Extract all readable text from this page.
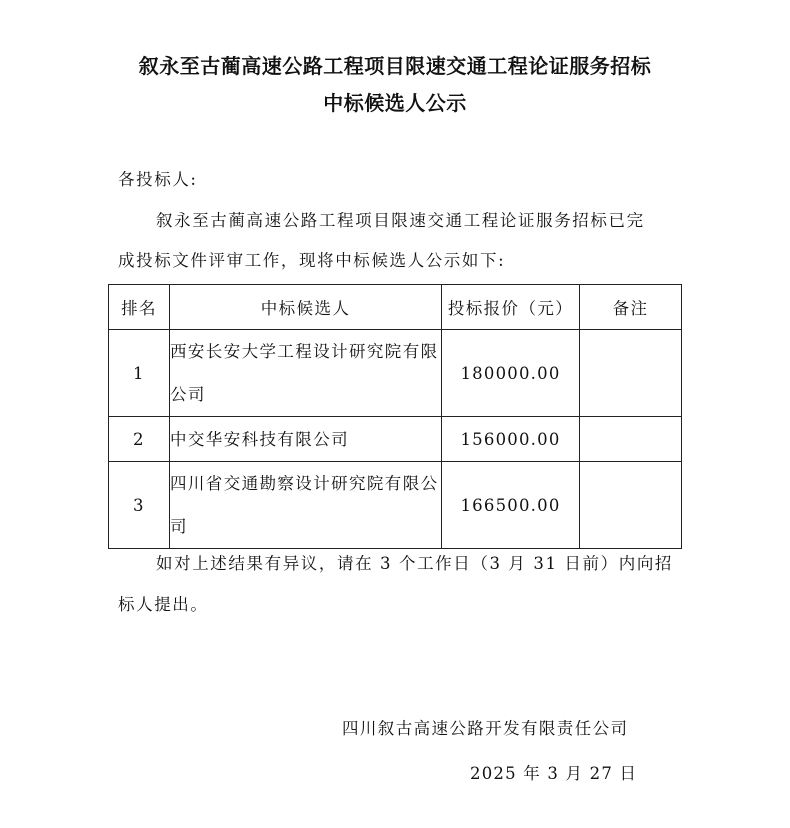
叙永至古蔺高速公路工程项目限速交通工程论证服务招标
中标候选人公示
各投标人:
叙永至古蔺高速公路工程项目限速交通工程论证服务招标已完
成投标文件评审工作，现将中标候选人公示如下:
排名	中标候选人	投标报价（元）	备注
1	西安长安大学工程设计研究院有限公司	180000.00	
2	中交华安科技有限公司	156000.00	
3	四川省交通勘察设计研究院有限公司	166500.00	
如对上述结果有异议，请在 3 个工作日（3 月 31 日前）内向招
标人提出。
四川叙古高速公路开发有限责任公司
2025 年 3 月 27 日
